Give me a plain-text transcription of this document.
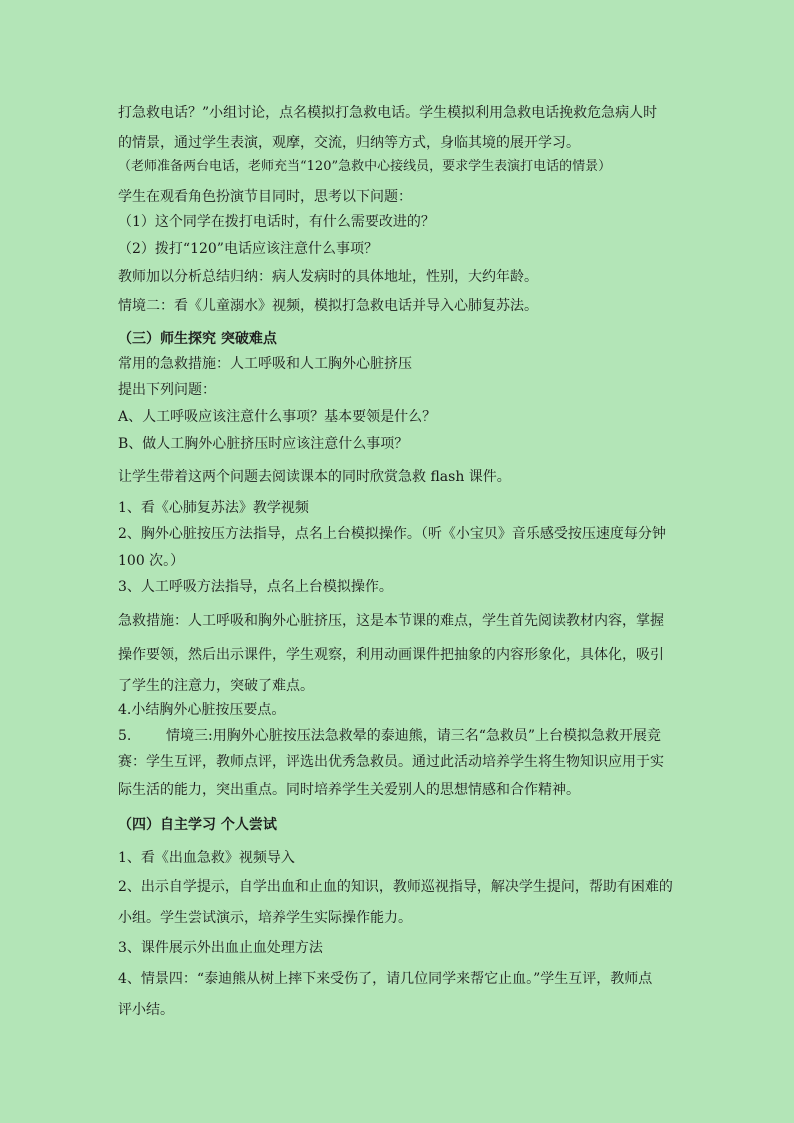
打急救电话？”小组讨论，点名模拟打急救电话。学生模拟利用急救电话挽救危急病人时
的情景，通过学生表演，观摩，交流，归纳等方式，身临其境的展开学习。
（老师准备两台电话，老师充当“120”急救中心接线员，要求学生表演打电话的情景）
学生在观看角色扮演节目同时，思考以下问题：
（1）这个同学在拨打电话时，有什么需要改进的？
（2）拨打“120”电话应该注意什么事项？
教师加以分析总结归纳：病人发病时的具体地址，性别，大约年龄。
情境二：看《儿童溺水》视频，模拟打急救电话并导入心肺复苏法。
（三）师生探究 突破难点
常用的急救措施：人工呼吸和人工胸外心脏挤压
提出下列问题：
A、人工呼吸应该注意什么事项？基本要领是什么？
B、做人工胸外心脏挤压时应该注意什么事项？
让学生带着这两个问题去阅读课本的同时欣赏急救 flash 课件。
1、看《心肺复苏法》教学视频
2、胸外心脏按压方法指导，点名上台模拟操作。（听《小宝贝》音乐感受按压速度每分钟
100 次。）
3、人工呼吸方法指导，点名上台模拟操作。
急救措施：人工呼吸和胸外心脏挤压，这是本节课的难点，学生首先阅读教材内容，掌握
操作要领，然后出示课件，学生观察，利用动画课件把抽象的内容形象化，具体化，吸引
了学生的注意力，突破了难点。
4.小结胸外心脏按压要点。
5.	情境三:用胸外心脏按压法急救晕的泰迪熊，请三名“急救员”上台模拟急救开展竞
赛：学生互评，教师点评，评选出优秀急救员。通过此活动培养学生将生物知识应用于实
际生活的能力，突出重点。同时培养学生关爱别人的思想情感和合作精神。
（四）自主学习 个人尝试
1、看《出血急救》视频导入
2、出示自学提示，自学出血和止血的知识，教师巡视指导，解决学生提问，帮助有困难的
小组。学生尝试演示，培养学生实际操作能力。
3、课件展示外出血止血处理方法
4、情景四：“泰迪熊从树上摔下来受伤了，请几位同学来帮它止血。”学生互评，教师点
评小结。
